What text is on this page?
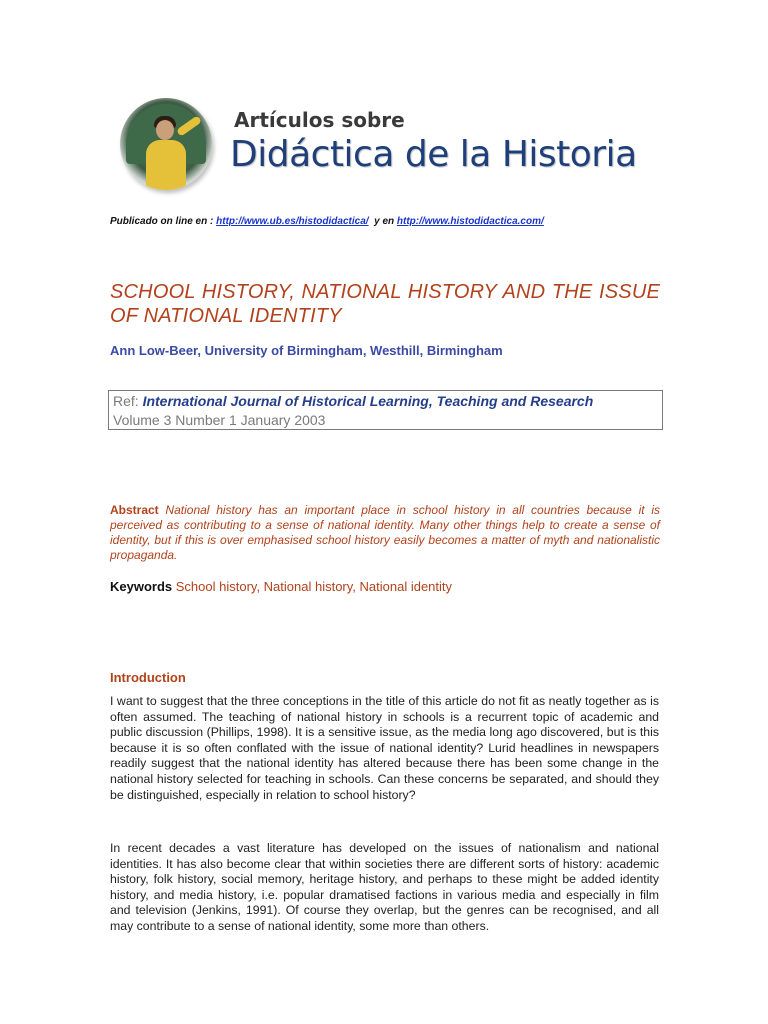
Artículos sobre
Didáctica de la Historia
Publicado on line en : http://www.ub.es/histodidactica/  y en http://www.histodidactica.com/
SCHOOL HISTORY, NATIONAL HISTORY AND THE ISSUE OF NATIONAL IDENTITY
Ann Low-Beer, University of Birmingham, Westhill, Birmingham
Ref: International Journal of Historical Learning, Teaching and Research
Volume 3 Number 1 January 2003
Abstract National history has an important place in school history in all countries because it is perceived as contributing to a sense of national identity. Many other things help to create a sense of identity, but if this is over emphasised school history easily becomes a matter of myth and nationalistic propaganda.
Keywords School history, National history, National identity
Introduction
I want to suggest that the three conceptions in the title of this article do not fit as neatly together as is often assumed. The teaching of national history in schools is a recurrent topic of academic and public discussion (Phillips, 1998). It is a sensitive issue, as the media long ago discovered, but is this because it is so often conflated with the issue of national identity? Lurid headlines in newspapers readily suggest that the national identity has altered because there has been some change in the national history selected for teaching in schools. Can these concerns be separated, and should they be distinguished, especially in relation to school history?
In recent decades a vast literature has developed on the issues of nationalism and national identities. It has also become clear that within societies there are different sorts of history: academic history, folk history, social memory, heritage history, and perhaps to these might be added identity history, and media history, i.e. popular dramatised factions in various media and especially in film and television (Jenkins, 1991). Of course they overlap, but the genres can be recognised, and all may contribute to a sense of national identity, some more than others.
